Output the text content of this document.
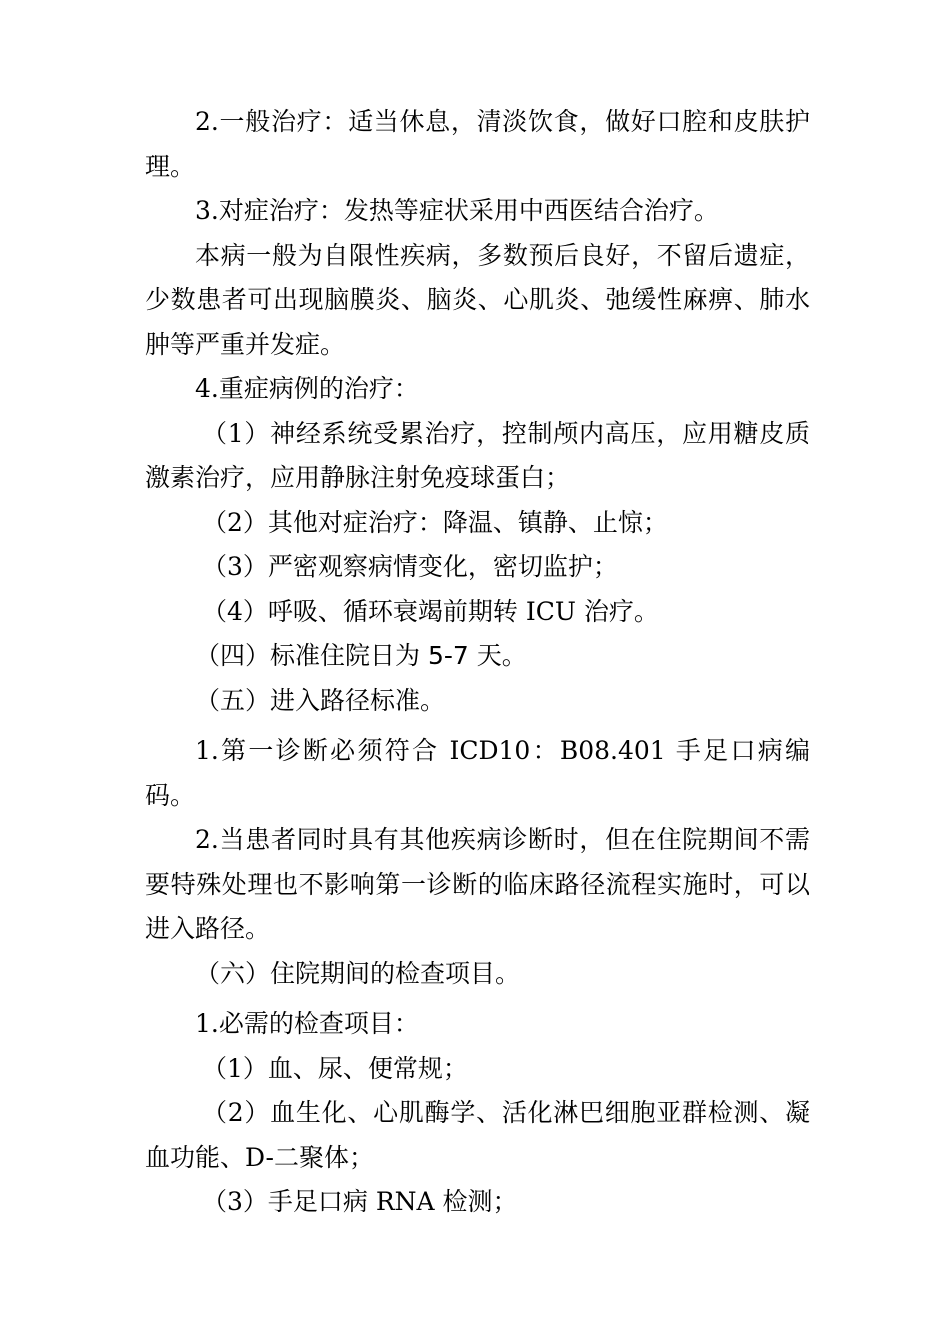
2.一般治疗：适当休息，清淡饮食，做好口腔和皮肤护理。

3.对症治疗：发热等症状采用中西医结合治疗。

本病一般为自限性疾病，多数预后良好，不留后遗症，少数患者可出现脑膜炎、脑炎、心肌炎、弛缓性麻痹、肺水肿等严重并发症。

4.重症病例的治疗：

（1）神经系统受累治疗，控制颅内高压，应用糖皮质激素治疗，应用静脉注射免疫球蛋白；

（2）其他对症治疗：降温、镇静、止惊；

（3）严密观察病情变化，密切监护；

（4）呼吸、循环衰竭前期转 ICU 治疗。

（四）标准住院日为 5-7 天。

（五）进入路径标准。

1.第一诊断必须符合 ICD10：B08.401 手足口病编码。

2.当患者同时具有其他疾病诊断时，但在住院期间不需要特殊处理也不影响第一诊断的临床路径流程实施时，可以进入路径。

（六）住院期间的检查项目。

1.必需的检查项目：

（1）血、尿、便常规；

（2）血生化、心肌酶学、活化淋巴细胞亚群检测、凝血功能、D-二聚体；

（3）手足口病 RNA 检测；
